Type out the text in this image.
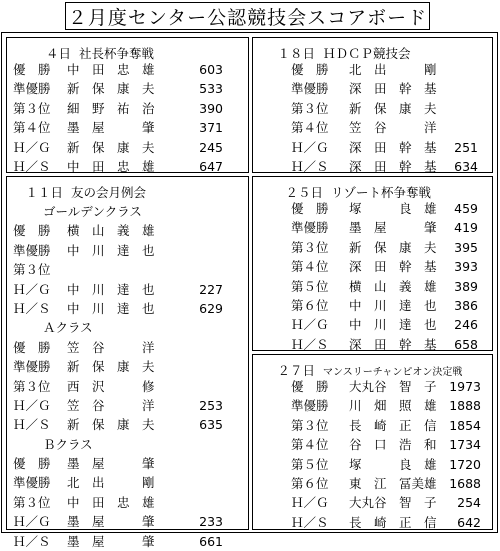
２月度センター公認競技会スコアボード
４日 社長杯争奪戦
優　勝 中　田　忠　雄	603
準優勝 新　保　康　夫	533
第３位 細　野　祐　治	390
第４位 墨　屋　　　肇	371
Ｈ／Ｇ 新　保　康　夫	245
Ｈ／Ｓ 中　田　忠　雄	647
１８日 ＨＤＣＰ競技会
優　勝 北　出　　　剛
準優勝 深　田　幹　基
第３位 新　保　康　夫
第４位 笠　谷　　　洋
Ｈ／Ｇ 深　田　幹　基	251
Ｈ／Ｓ 深　田　幹　基	634
１１日 友の会月例会
ゴールデンクラス
優　勝 横　山　義　雄
準優勝 中　川　達　也
第３位
Ｈ／Ｇ 中　川　達　也	227
Ｈ／Ｓ 中　川　達　也	629
Ａクラス
優　勝 笠　谷　　　洋
準優勝 新　保　康　夫
第３位 西　沢　　　修
Ｈ／Ｇ 笠　谷　　　洋	253
Ｈ／Ｓ 新　保　康　夫	635
Ｂクラス
優　勝 墨　屋　　　肇
準優勝 北　出　　　剛
第３位 中　田　忠　雄
Ｈ／Ｇ 墨　屋　　　肇	233
Ｈ／Ｓ 墨　屋　　　肇	661
２５日 リゾート杯争奪戦
優　勝 塚　　　良　雄	459
準優勝 墨　屋　　　肇	419
第３位 新　保　康　夫	395
第４位 深　田　幹　基	393
第５位 横　山　義　雄	389
第６位 中　川　達　也	386
Ｈ／Ｇ 中　川　達　也	246
Ｈ／Ｓ 深　田　幹　基	658
２７日 マンスリーチャンピオン決定戦
優　勝 大丸谷　智　子 1973
準優勝 川　畑　照　雄 1888
第３位 長　崎　正　信 1854
第４位 谷　口　浩　和 1734
第５位 塚　　　良　雄 1720
第６位 東　江　冨美雄 1688
Ｈ／Ｇ 大丸谷　智　子	254
Ｈ／Ｓ 長　崎　正　信	642
